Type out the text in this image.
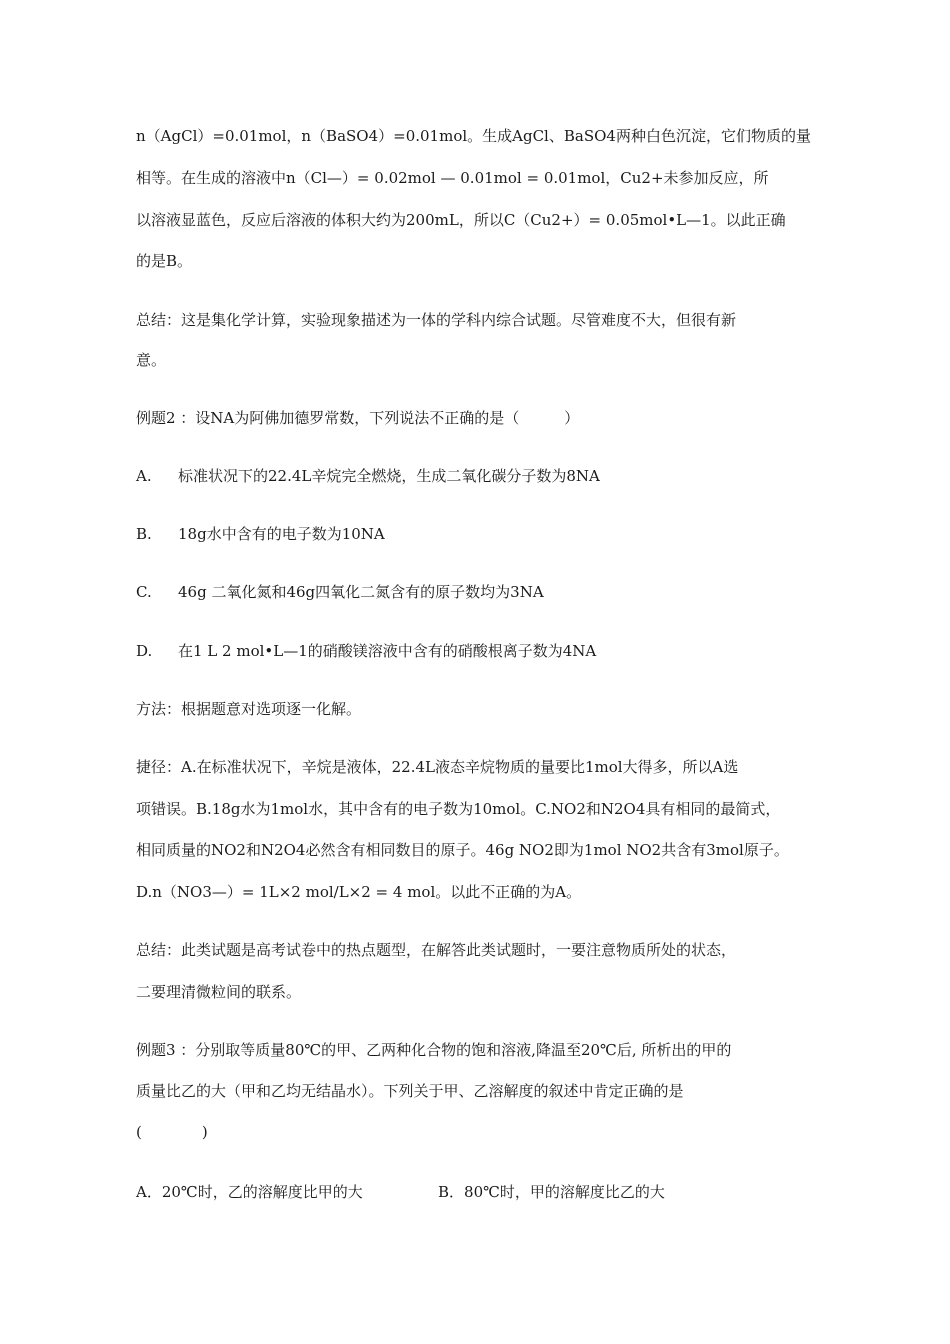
n（AgCl）=0.01mol，n（BaSO4）=0.01mol。生成AgCl、BaSO4两种白色沉淀，它们物质的量
相等。在生成的溶液中n（Cl—）= 0.02mol — 0.01mol = 0.01mol，Cu2+未参加反应，所
以溶液显蓝色，反应后溶液的体积大约为200mL，所以C（Cu2+）= 0.05mol•L—1。以此正确
的是B。
总结：这是集化学计算，实验现象描述为一体的学科内综合试题。尽管难度不大，但很有新
意。
例题2 ：设NA为阿佛加德罗常数，下列说法不正确的是（　　　）
A. 标准状况下的22.4L辛烷完全燃烧，生成二氧化碳分子数为8NA
B. 18g水中含有的电子数为10NA
C. 46g 二氧化氮和46g四氧化二氮含有的原子数均为3NA
D. 在1 L 2 mol•L—1的硝酸镁溶液中含有的硝酸根离子数为4NA
方法：根据题意对选项逐一化解。
捷径：A.在标准状况下，辛烷是液体，22.4L液态辛烷物质的量要比1mol大得多，所以A选
项错误。B.18g水为1mol水，其中含有的电子数为10mol。C.NO2和N2O4具有相同的最简式，
相同质量的NO2和N2O4必然含有相同数目的原子。46g NO2即为1mol NO2共含有3mol原子。
D.n（NO3—）= 1L×2 mol/L×2 = 4 mol。以此不正确的为A。
总结：此类试题是高考试卷中的热点题型，在解答此类试题时，一要注意物质所处的状态，
二要理清微粒间的联系。
例题3 ：分别取等质量80℃的甲、乙两种化合物的饱和溶液,降温至20℃后, 所析出的甲的
质量比乙的大（甲和乙均无结晶水）。下列关于甲、乙溶解度的叙述中肯定正确的是
(　　　　)
A．20℃时，乙的溶解度比甲的大	B．80℃时，甲的溶解度比乙的大
